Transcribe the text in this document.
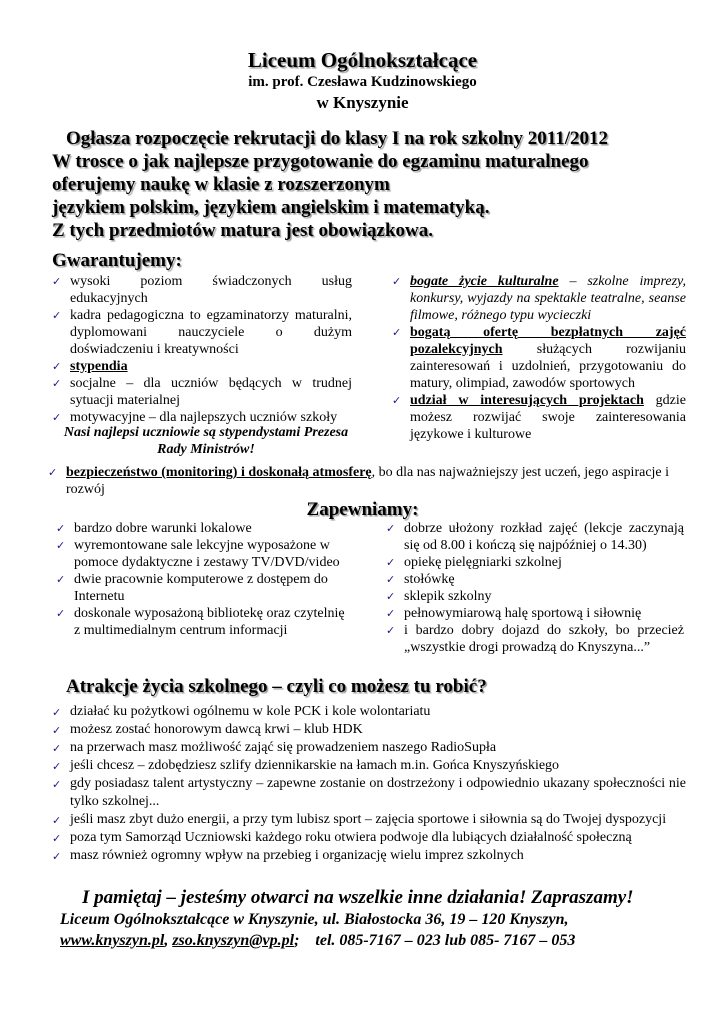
Liceum Ogólnokształcące
im. prof. Czesława Kudzinowskiego
w Knyszynie
Ogłasza rozpoczęcie rekrutacji do klasy I na rok szkolny 2011/2012
W trosce o jak najlepsze przygotowanie do egzaminu maturalnego
oferujemy naukę w klasie z rozszerzonym
językiem polskim, językiem angielskim i matematyką.
Z tych przedmiotów matura jest obowiązkowa.
Gwarantujemy:
✓ wysoki poziom świadczonych usług edukacyjnych
✓ kadra pedagogiczna to egzaminatorzy maturalni, dyplomowani nauczyciele o dużym doświadczeniu i kreatywności
✓ stypendia
✓ socjalne – dla uczniów będących w trudnej sytuacji materialnej
✓ motywacyjne – dla najlepszych uczniów szkoły
Nasi najlepsi uczniowie są stypendystami Prezesa Rady Ministrów!
✓ bogate życie kulturalne – szkolne imprezy, konkursy, wyjazdy na spektakle teatralne, seanse filmowe, różnego typu wycieczki
✓ bogatą ofertę bezpłatnych zajęć pozalekcyjnych służących rozwijaniu zainteresowań i uzdolnień, przygotowaniu do matury, olimpiad, zawodów sportowych
✓ udział w interesujących projektach gdzie możesz rozwijać swoje zainteresowania językowe i kulturowe
✓ bezpieczeństwo (monitoring) i doskonałą atmosferę, bo dla nas najważniejszy jest uczeń, jego aspiracje i rozwój
Zapewniamy:
✓ bardzo dobre warunki lokalowe
✓ wyremontowane sale lekcyjne wyposażone w pomoce dydaktyczne i zestawy TV/DVD/video
✓ dwie pracownie komputerowe z dostępem do Internetu
✓ doskonale wyposażoną bibliotekę oraz czytelnię z multimedialnym centrum informacji
✓ dobrze ułożony rozkład zajęć (lekcje zaczynają się od 8.00 i kończą się najpóźniej o 14.30)
✓ opiekę pielęgniarki szkolnej
✓ stołówkę
✓ sklepik szkolny
✓ pełnowymiarową halę sportową i siłownię
✓ i bardzo dobry dojazd do szkoły, bo przecież „wszystkie drogi prowadzą do Knyszyna...”
Atrakcje życia szkolnego – czyli co możesz tu robić?
✓ działać ku pożytkowi ogólnemu w kole PCK i kole wolontariatu
✓ możesz zostać honorowym dawcą krwi – klub HDK
✓ na przerwach masz możliwość zająć się prowadzeniem naszego RadioSupła
✓ jeśli chcesz – zdobędziesz szlify dziennikarskie na łamach m.in. Gońca Knyszyńskiego
✓ gdy posiadasz talent artystyczny – zapewne zostanie on dostrzeżony i odpowiednio ukazany społeczności nie tylko szkolnej...
✓ jeśli masz zbyt dużo energii, a przy tym lubisz sport – zajęcia sportowe i siłownia są do Twojej dyspozycji
✓ poza tym Samorząd Uczniowski każdego roku otwiera podwoje dla lubiących działalność społeczną
✓ masz również ogromny wpływ na przebieg i organizację wielu imprez szkolnych
I pamiętaj – jesteśmy otwarci na wszelkie inne działania! Zapraszamy!
Liceum Ogólnokształcące w Knyszynie, ul. Białostocka 36, 19 – 120 Knyszyn,
www.knyszyn.pl, zso.knyszyn@vp.pl;    tel. 085-7167 – 023 lub 085- 7167 – 053
